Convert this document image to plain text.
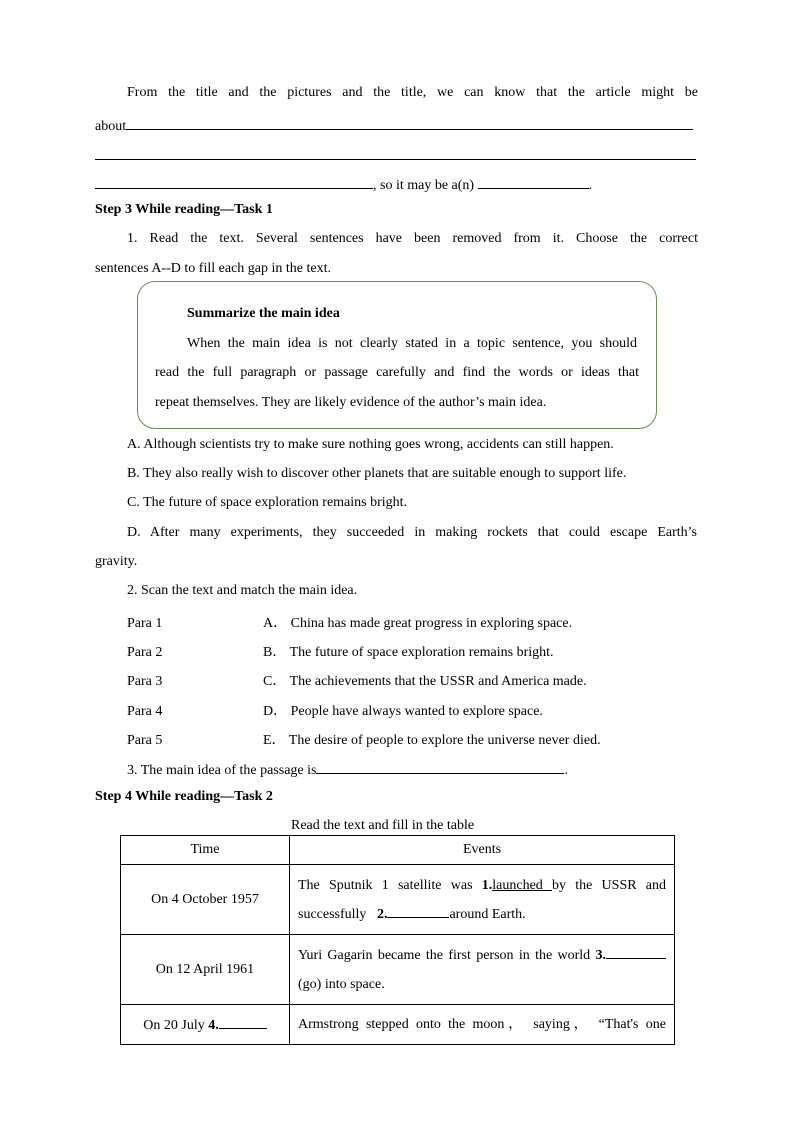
From the title and the pictures and the title, we can know that the article might be
about
, so it may be a(n)	.
Step 3 While reading—Task 1
1. Read the text. Several sentences have been removed from it. Choose the correct
sentences A--D to fill each gap in the text.
Summarize the main idea
When the main idea is not clearly stated in a topic sentence, you should
read the full paragraph or passage carefully and find the words or ideas that
repeat themselves. They are likely evidence of the author’s main idea.
A. Although scientists try to make sure nothing goes wrong, accidents can still happen.
B. They also really wish to discover other planets that are suitable enough to support life.
C. The future of space exploration remains bright.
D. After many experiments, they succeeded in making rockets that could escape Earth’s
gravity.
2. Scan the text and match the main idea.
Para 1	A． China has made great progress in exploring space.
Para 2	B． The future of space exploration remains bright.
Para 3	C． The achievements that the USSR and America made.
Para 4	D． People have always wanted to explore space.
Para 5	E． The desire of people to explore the universe never died.
3. The main idea of the passage is	.
Step 4 While reading—Task 2
Read the text and fill in the table
Time	Events
On 4 October 1957	The Sputnik 1 satellite was 1.launched by the USSR and successfully   2. around Earth.
On 12 April 1961	Yuri Gagarin became the first person in the world 3. (go) into space.
On 20 July 4.	Armstrong stepped onto the moon， saying， “That's one
